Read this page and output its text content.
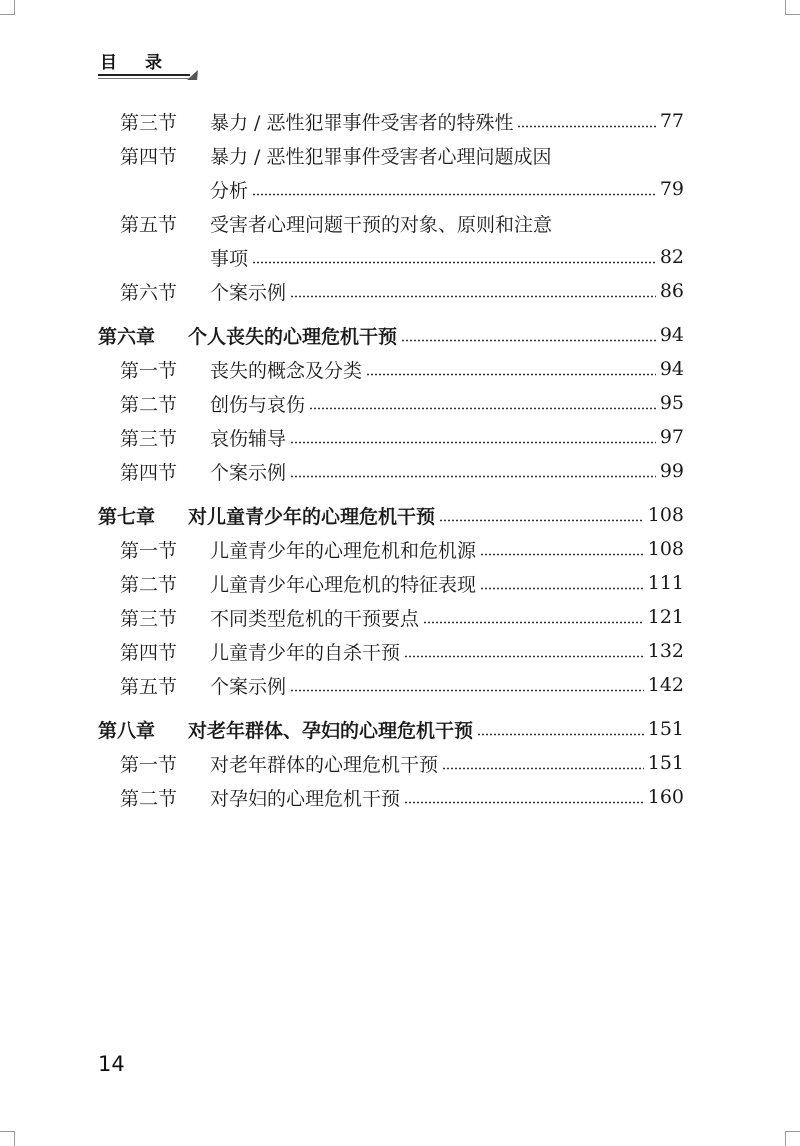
目录
第三节 暴力 / 恶性犯罪事件受害者的特殊性	77
第四节 暴力 / 恶性犯罪事件受害者心理问题成因
分析	79
第五节 受害者心理问题干预的对象、原则和注意
事项	82
第六节 个案示例	86
第六章 个人丧失的心理危机干预	94
第一节 丧失的概念及分类	94
第二节 创伤与哀伤	95
第三节 哀伤辅导	97
第四节 个案示例	99
第七章 对儿童青少年的心理危机干预	108
第一节 儿童青少年的心理危机和危机源	108
第二节 儿童青少年心理危机的特征表现	111
第三节 不同类型危机的干预要点	121
第四节 儿童青少年的自杀干预	132
第五节 个案示例	142
第八章 对老年群体、孕妇的心理危机干预	151
第一节 对老年群体的心理危机干预	151
第二节 对孕妇的心理危机干预	160
14
